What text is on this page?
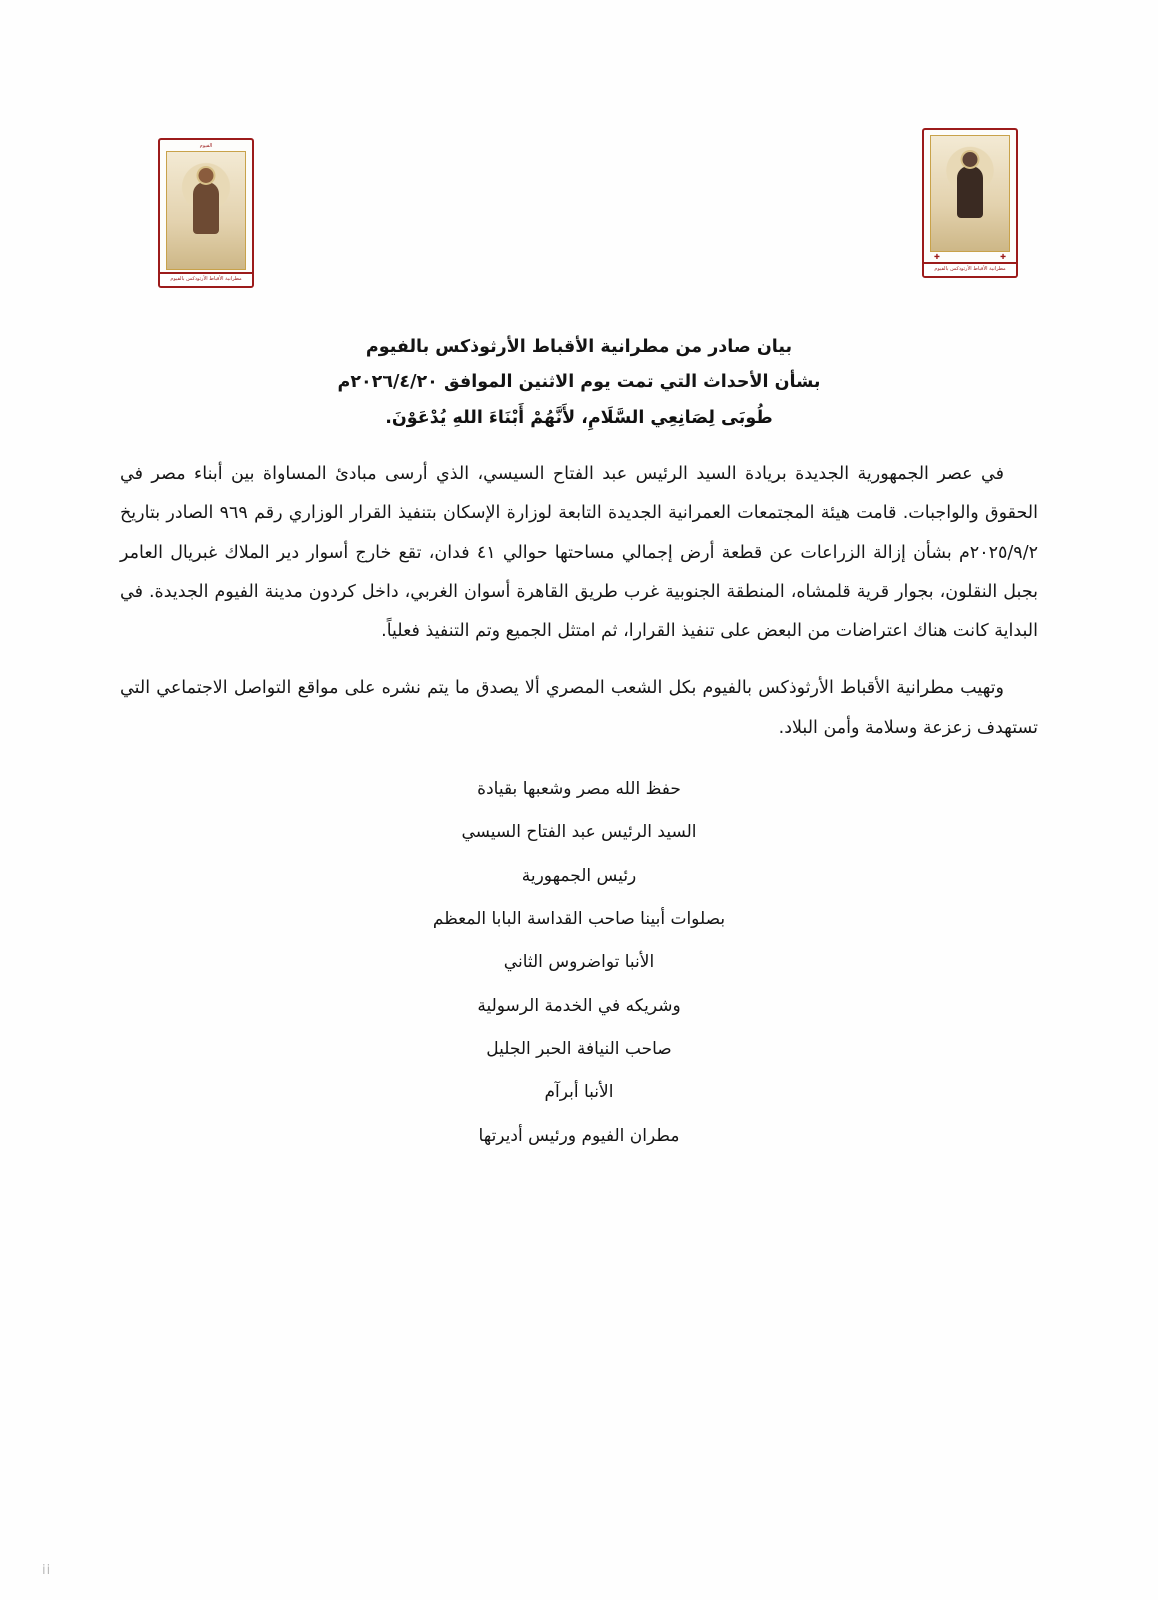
الفيوم
مطرانية الأقباط الأرثوذكس بالفيوم
✚
✚
مطرانية الأقباط الأرثوذكس بالفيوم
بيان صادر من مطرانية الأقباط الأرثوذكس بالفيوم
بشأن الأحداث التي تمت يوم الاثنين الموافق ٢٠٢٦/٤/٢٠م
طُوبَى لِصَانِعِي السَّلَامِ، لأَنَّهُمْ أَبْنَاءَ اللهِ يُدْعَوْنَ.

في عصر الجمهورية الجديدة بريادة السيد الرئيس عبد الفتاح السيسي، الذي أرسى مبادئ المساواة بين أبناء مصر في الحقوق والواجبات. قامت هيئة المجتمعات العمرانية الجديدة التابعة لوزارة الإسكان بتنفيذ القرار الوزاري رقم ٩٦٩ الصادر بتاريخ ٢٠٢٥/٩/٢م بشأن إزالة الزراعات عن قطعة أرض إجمالي مساحتها حوالي ٤١ فدان، تقع خارج أسوار دير الملاك غبريال العامر بجبل النقلون، بجوار قرية قلمشاه، المنطقة الجنوبية غرب طريق القاهرة أسوان الغربي، داخل كردون مدينة الفيوم الجديدة. في البداية كانت هناك اعتراضات من البعض على تنفيذ القرارا، ثم امتثل الجميع وتم التنفيذ فعلياً.

وتهيب مطرانية الأقباط الأرثوذكس بالفيوم بكل الشعب المصري ألا يصدق ما يتم نشره على مواقع التواصل الاجتماعي التي تستهدف زعزعة وسلامة وأمن البلاد.

حفظ الله مصر وشعبها بقيادة
السيد الرئيس عبد الفتاح السيسي
رئيس الجمهورية
بصلوات أبينا صاحب القداسة البابا المعظم
الأنبا تواضروس الثاني
وشريكه في الخدمة الرسولية
صاحب النيافة الحبر الجليل
الأنبا أبرآم
مطران الفيوم ورئيس أديرتها
ii
